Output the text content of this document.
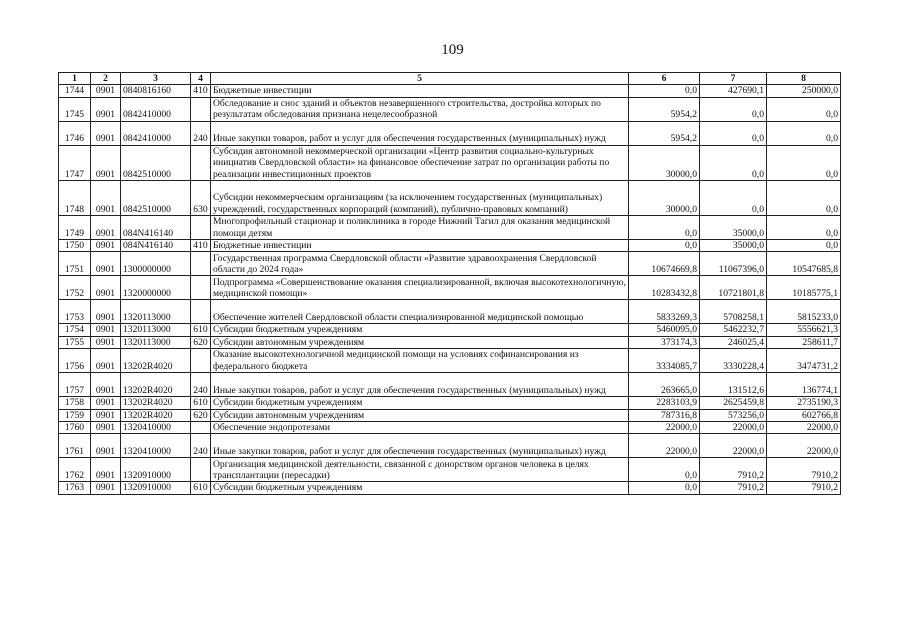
109
1	2	3	4	5	6	7	8
1744	0901	0840816160	410	Бюджетные инвестиции	0,0	427690,1	250000,0
1745	0901	0842410000		Обследование и снос зданий и объектов незавершенного строительства, достройка которых по результатам обследования признана нецелесообразной	5954,2	0,0	0,0
1746	0901	0842410000	240	Иные закупки товаров, работ и услуг для обеспечения государственных (муниципальных) нужд	5954,2	0,0	0,0
1747	0901	0842510000		Субсидия автономной некоммерческой организации «Центр развития социально-культурных инициатив Свердловской области» на финансовое обеспечение затрат по организации работы по реализации инвестиционных проектов	30000,0	0,0	0,0
1748	0901	0842510000	630	Субсидии некоммерческим организациям (за исключением государственных (муниципальных) учреждений, государственных корпораций (компаний), публично-правовых компаний)	30000,0	0,0	0,0
1749	0901	084N416140		Многопрофильный стационар и поликлиника в городе Нижний Тагил для оказания медицинской помощи детям	0,0	35000,0	0,0
1750	0901	084N416140	410	Бюджетные инвестиции	0,0	35000,0	0,0
1751	0901	1300000000		Государственная программа Свердловской области «Развитие здравоохранения Свердловской области до 2024 года»	10674669,8	11067396,0	10547685,8
1752	0901	1320000000		Подпрограмма «Совершенствование оказания специализированной, включая высокотехнологичную, медицинской помощи»	10283432,8	10721801,8	10185775,1
1753	0901	1320113000		Обеспечение жителей Свердловской области специализированной медицинской помощью	5833269,3	5708258,1	5815233,0
1754	0901	1320113000	610	Субсидии бюджетным учреждениям	5460095,0	5462232,7	5556621,3
1755	0901	1320113000	620	Субсидии автономным учреждениям	373174,3	246025,4	258611,7
1756	0901	13202R4020		Оказание высокотехнологичной медицинской помощи на условиях софинансирования из федерального бюджета	3334085,7	3330228,4	3474731,2
1757	0901	13202R4020	240	Иные закупки товаров, работ и услуг для обеспечения государственных (муниципальных) нужд	263665,0	131512,6	136774,1
1758	0901	13202R4020	610	Субсидии бюджетным учреждениям	2283103,9	2625459,8	2735190,3
1759	0901	13202R4020	620	Субсидии автономным учреждениям	787316,8	573256,0	602766,8
1760	0901	1320410000		Обеспечение эндопротезами	22000,0	22000,0	22000,0
1761	0901	1320410000	240	Иные закупки товаров, работ и услуг для обеспечения государственных (муниципальных) нужд	22000,0	22000,0	22000,0
1762	0901	1320910000		Организация медицинской деятельности, связанной с донорством органов человека в целях трансплантации (пересадки)	0,0	7910,2	7910,2
1763	0901	1320910000	610	Субсидии бюджетным учреждениям	0,0	7910,2	7910,2
